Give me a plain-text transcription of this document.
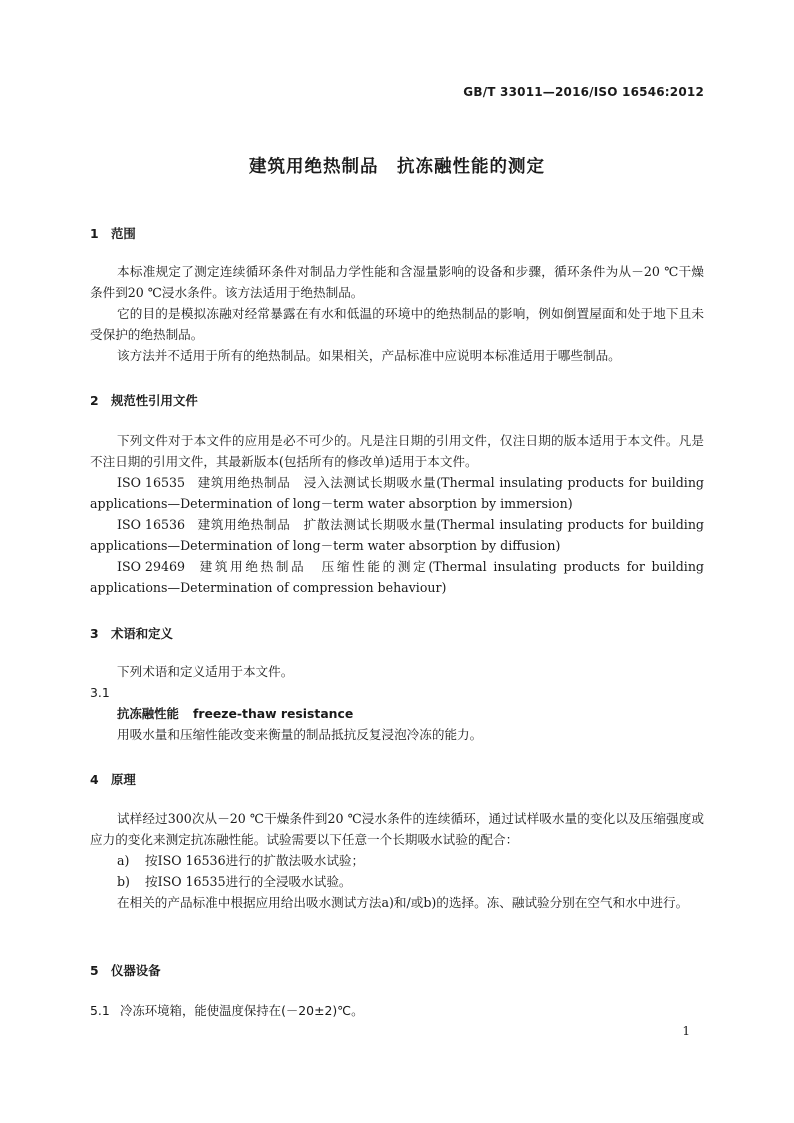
GB/T 33011—2016/ISO 16546:2012
建筑用绝热制品　抗冻融性能的测定
1 范围
本标准规定了测定连续循环条件对制品力学性能和含湿量影响的设备和步骤，循环条件为从－20 ℃干燥条件到20 ℃浸水条件。该方法适用于绝热制品。
它的目的是模拟冻融对经常暴露在有水和低温的环境中的绝热制品的影响，例如倒置屋面和处于地下且未受保护的绝热制品。
该方法并不适用于所有的绝热制品。如果相关，产品标准中应说明本标准适用于哪些制品。
2 规范性引用文件
下列文件对于本文件的应用是必不可少的。凡是注日期的引用文件，仅注日期的版本适用于本文件。凡是不注日期的引用文件，其最新版本(包括所有的修改单)适用于本文件。
ISO 16535 建筑用绝热制品　浸入法测试长期吸水量(Thermal insulating products for building applications—Determination of long－term water absorption by immersion)
ISO 16536 建筑用绝热制品　扩散法测试长期吸水量(Thermal insulating products for building applications—Determination of long－term water absorption by diffusion)
ISO 29469 建筑用绝热制品　压缩性能的测定(Thermal insulating products for building applications—Determination of compression behaviour)
3 术语和定义
下列术语和定义适用于本文件。
3.1
抗冻融性能 freeze-thaw resistance
用吸水量和压缩性能改变来衡量的制品抵抗反复浸泡冷冻的能力。
4 原理
试样经过300次从－20 ℃干燥条件到20 ℃浸水条件的连续循环，通过试样吸水量的变化以及压缩强度或应力的变化来测定抗冻融性能。试验需要以下任意一个长期吸水试验的配合：
a) 按ISO 16536进行的扩散法吸水试验；
b) 按ISO 16535进行的全浸吸水试验。
在相关的产品标准中根据应用给出吸水测试方法a)和/或b)的选择。冻、融试验分别在空气和水中进行。
5 仪器设备
5.1 冷冻环境箱，能使温度保持在(－20±2)℃。
1
